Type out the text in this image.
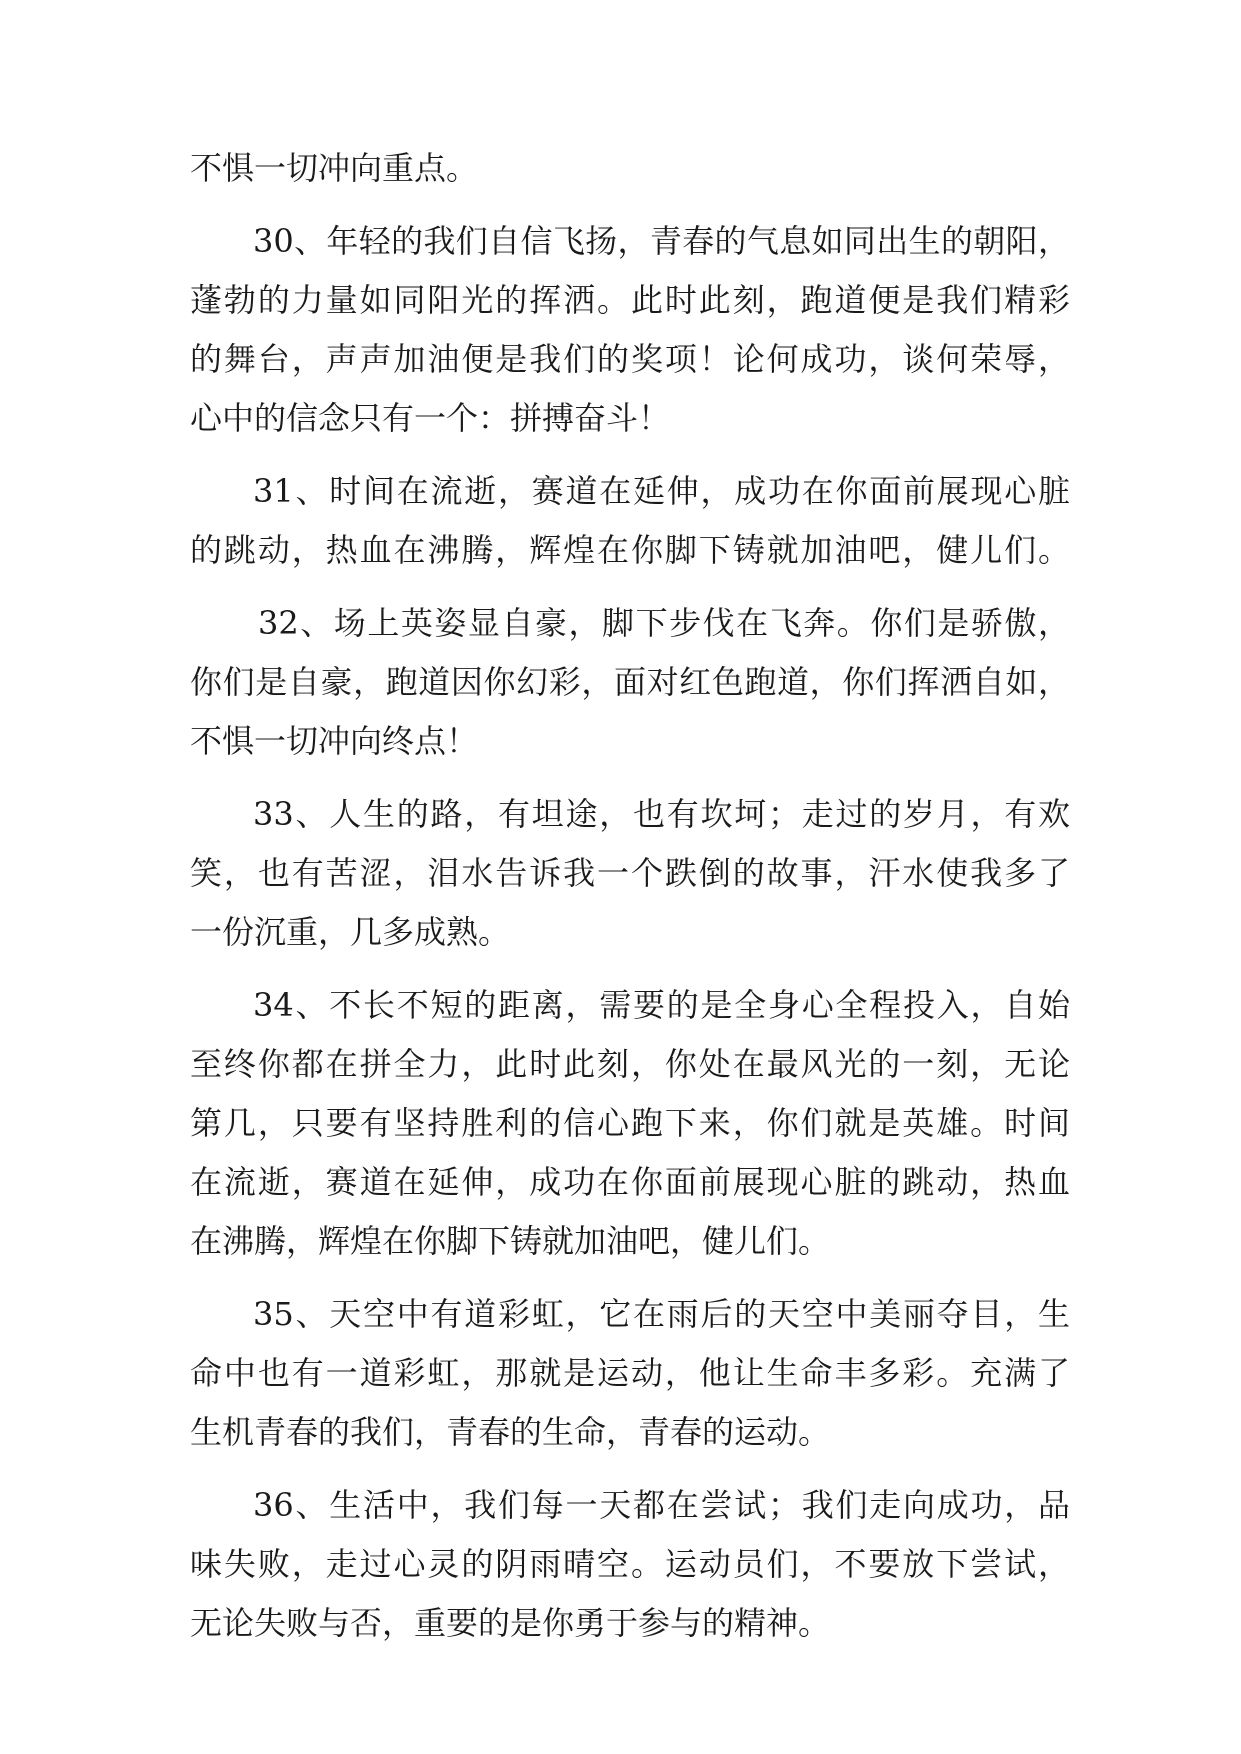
不惧一切冲向重点。
30、年轻的我们自信飞扬，青春的气息如同出生的朝阳，
蓬勃的力量如同阳光的挥洒。此时此刻，跑道便是我们精彩
的舞台，声声加油便是我们的奖项！论何成功，谈何荣辱，
心中的信念只有一个：拼搏奋斗！
31、时间在流逝，赛道在延伸，成功在你面前展现心脏
的跳动，热血在沸腾，辉煌在你脚下铸就加油吧，健儿们。
32、场上英姿显自豪，脚下步伐在飞奔。你们是骄傲，
你们是自豪，跑道因你幻彩，面对红色跑道，你们挥洒自如，
不惧一切冲向终点！
33、人生的路，有坦途，也有坎坷；走过的岁月，有欢
笑，也有苦涩，泪水告诉我一个跌倒的故事，汗水使我多了
一份沉重，几多成熟。
34、不长不短的距离，需要的是全身心全程投入，自始
至终你都在拼全力，此时此刻，你处在最风光的一刻，无论
第几，只要有坚持胜利的信心跑下来，你们就是英雄。时间
在流逝，赛道在延伸，成功在你面前展现心脏的跳动，热血
在沸腾，辉煌在你脚下铸就加油吧，健儿们。
35、天空中有道彩虹，它在雨后的天空中美丽夺目，生
命中也有一道彩虹，那就是运动，他让生命丰多彩。充满了
生机青春的我们，青春的生命，青春的运动。
36、生活中，我们每一天都在尝试；我们走向成功，品
味失败，走过心灵的阴雨晴空。运动员们，不要放下尝试，
无论失败与否，重要的是你勇于参与的精神。
